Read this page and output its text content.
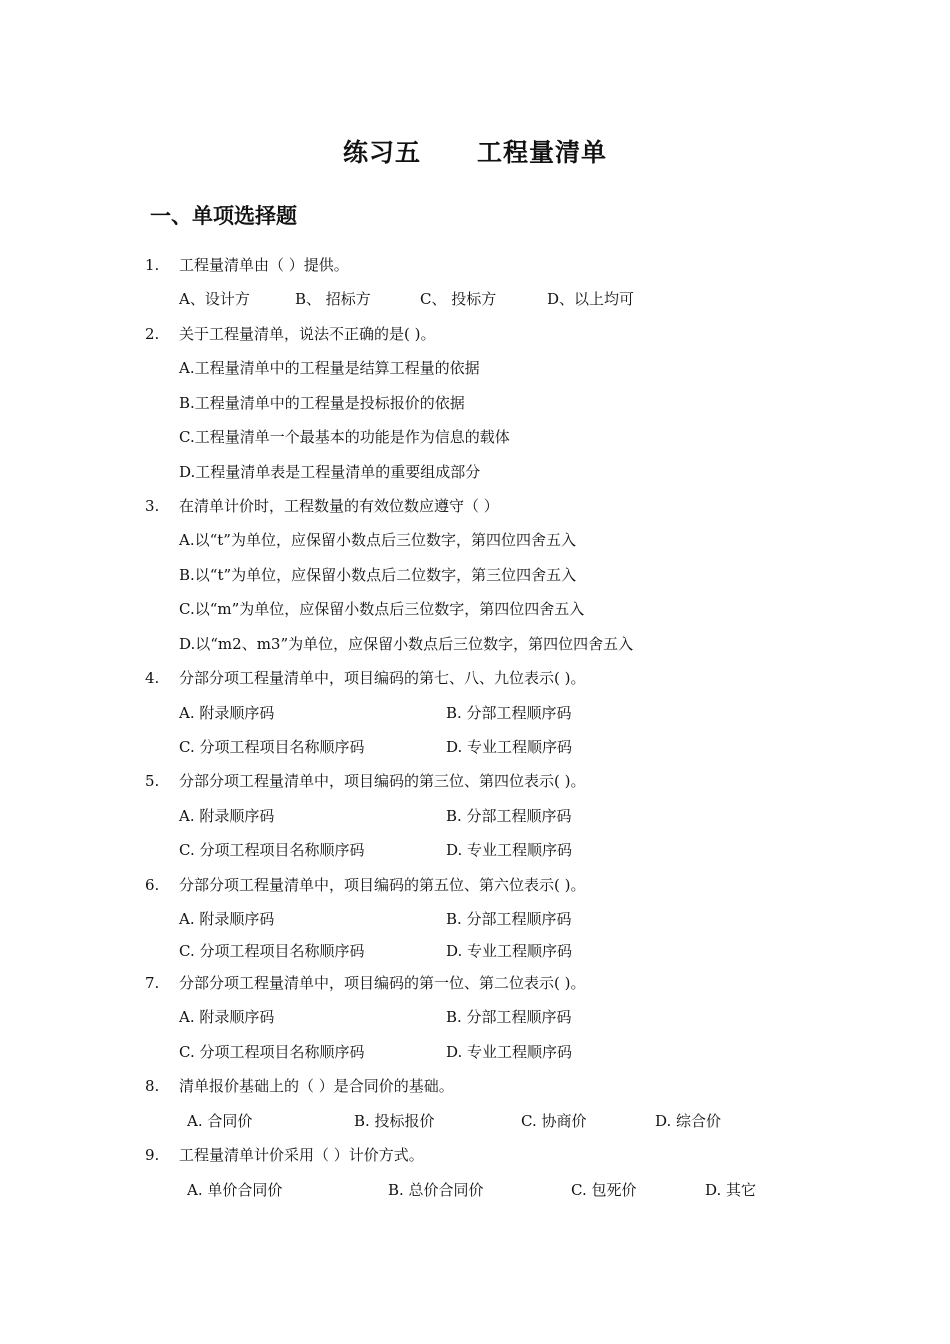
练习五 工程量清单
一、单项选择题
1. 工程量清单由（ ）提供。
A、设计方	B、 招标方	C、 投标方	D、以上均可
2. 关于工程量清单，说法不正确的是( )。
A.工程量清单中的工程量是结算工程量的依据
B.工程量清单中的工程量是投标报价的依据
C.工程量清单一个最基本的功能是作为信息的载体
D.工程量清单表是工程量清单的重要组成部分
3. 在清单计价时，工程数量的有效位数应遵守（ ）
A.以“t”为单位，应保留小数点后三位数字，第四位四舍五入
B.以“t”为单位，应保留小数点后二位数字，第三位四舍五入
C.以“m”为单位，应保留小数点后三位数字，第四位四舍五入
D.以“m2、m3”为单位，应保留小数点后三位数字，第四位四舍五入
4. 分部分项工程量清单中，项目编码的第七、八、九位表示( )。
A. 附录顺序码	B. 分部工程顺序码
C. 分项工程项目名称顺序码	D. 专业工程顺序码
5. 分部分项工程量清单中，项目编码的第三位、第四位表示( )。
A. 附录顺序码	B. 分部工程顺序码
C. 分项工程项目名称顺序码	D. 专业工程顺序码
6. 分部分项工程量清单中，项目编码的第五位、第六位表示( )。
A. 附录顺序码	B. 分部工程顺序码
C. 分项工程项目名称顺序码	D. 专业工程顺序码
7. 分部分项工程量清单中，项目编码的第一位、第二位表示( )。
A. 附录顺序码	B. 分部工程顺序码
C. 分项工程项目名称顺序码	D. 专业工程顺序码
8. 清单报价基础上的（ ）是合同价的基础。
A. 合同价	B. 投标报价	C. 协商价	D. 综合价
9. 工程量清单计价采用（ ）计价方式。
A. 单价合同价	B. 总价合同价	C. 包死价	D. 其它
